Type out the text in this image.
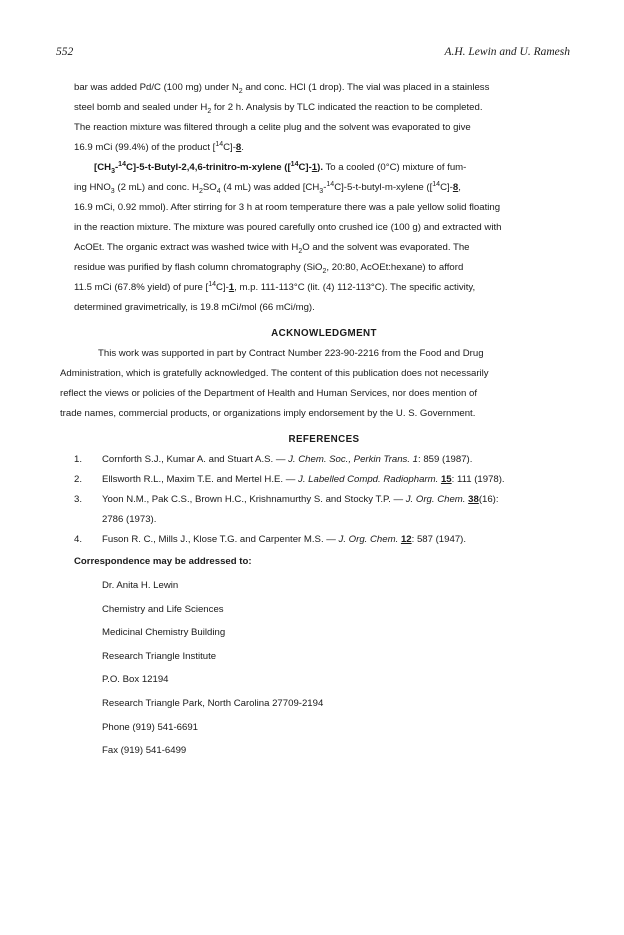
552	A.H. Lewin and U. Ramesh
bar was added Pd/C (100 mg) under $N_2$ and conc. HCl (1 drop). The vial was placed in a stainless
steel bomb and sealed under $H_2$ for 2 h. Analysis by TLC indicated the reaction to be completed.
The reaction mixture was filtered through a celite plug and the solvent was evaporated to give
16.9 mCi (99.4%) of the product [$^{14}$C]-8.
$[CH_3-^{14}C]-5-t-Butyl-2,4,6-trinitro-m$-xylene ([$^{14}$C]-1). To a cooled (0°C) mixture of fum-
ing $HNO_3$ (2 mL) and conc. $H_2SO_4$ (4 mL) was added $[CH_3-^{14}C]-5-t-butyl-m$-xylene ([$^{14}$C]-8,
16.9 mCi, 0.92 mmol). After stirring for 3 h at room temperature there was a pale yellow solid floating
in the reaction mixture. The mixture was poured carefully onto crushed ice (100 g) and extracted with
AcOEt. The organic extract was washed twice with $H_2O$ and the solvent was evaporated. The
residue was purified by flash column chromatography (SiO$_2$, 20:80, AcOEt:hexane) to afford
11.5 mCi (67.8% yield) of pure [$^{14}$C]-1, m.p. 111-113°C (lit. (4) 112-113°C). The specific activity,
determined gravimetrically, is 19.8 mCi/mol (66 mCi/mg).
ACKNOWLEDGMENT
This work was supported in part by Contract Number 223-90-2216 from the Food and Drug
Administration, which is gratefully acknowledged. The content of this publication does not necessarily
reflect the views or policies of the Department of Health and Human Services, nor does mention of
trade names, commercial products, or organizations imply endorsement by the U. S. Government.
REFERENCES
1. Cornforth S.J., Kumar A. and Stuart A.S. — J. Chem. Soc., Perkin Trans. 1: 859 (1987).
2. Ellsworth R.L., Maxim T.E. and Mertel H.E. — J. Labelled Compd. Radiopharm. 15: 111 (1978).
3. Yoon N.M., Pak C.S., Brown H.C., Krishnamurthy S. and Stocky T.P. — J. Org. Chem. 38(16):
2786 (1973).
4. Fuson R. C., Mills J., Klose T.G. and Carpenter M.S. — J. Org. Chem. 12: 587 (1947).
Correspondence may be addressed to:
Dr. Anita H. Lewin
Chemistry and Life Sciences
Medicinal Chemistry Building
Research Triangle Institute
P.O. Box 12194
Research Triangle Park, North Carolina 27709-2194
Phone (919) 541-6691
Fax (919) 541-6499
